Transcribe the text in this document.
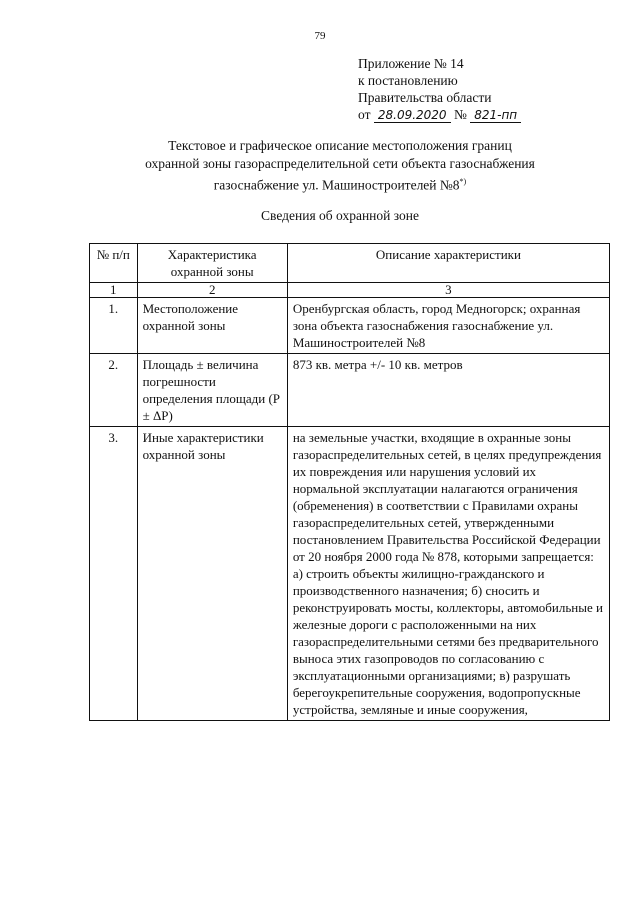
79
Приложение № 14
к постановлению
Правительства области
от 28.09.2020 № 821-пп
Текстовое и графическое описание местоположения границ
охранной зоны газораспределительной сети объекта газоснабжения
газоснабжение ул. Машиностроителей №8*)
Сведения об охранной зоне
№ п/п	Характеристика охранной зоны	Описание характеристики
1	2	3
1.	Местоположение охранной зоны	Оренбургская область, город Медногорск; охранная зона объекта газоснабжения газоснабжение ул. Машиностроителей №8
2.	Площадь ± величина погрешности определения площади (P ± ΔP)	873 кв. метра +/- 10 кв. метров
3.	Иные характеристики охранной зоны	на земельные участки, входящие в охранные зоны газораспределительных сетей, в целях предупреждения их повреждения или нарушения условий их нормальной эксплуатации налагаются ограничения (обременения) в соответствии с Правилами охраны газораспределительных сетей, утвержденными постановлением Правительства Российской Федерации от 20 ноября 2000 года № 878, которыми запрещается: а) строить объекты жилищно-гражданского и производственного назначения; б) сносить и реконструировать мосты, коллекторы, автомобильные и железные дороги с расположенными на них газораспределительными сетями без предварительного выноса этих газопроводов по согласованию с эксплуатационными организациями; в) разрушать берегоукрепительные сооружения, водопропускные устройства, земляные и иные сооружения,
